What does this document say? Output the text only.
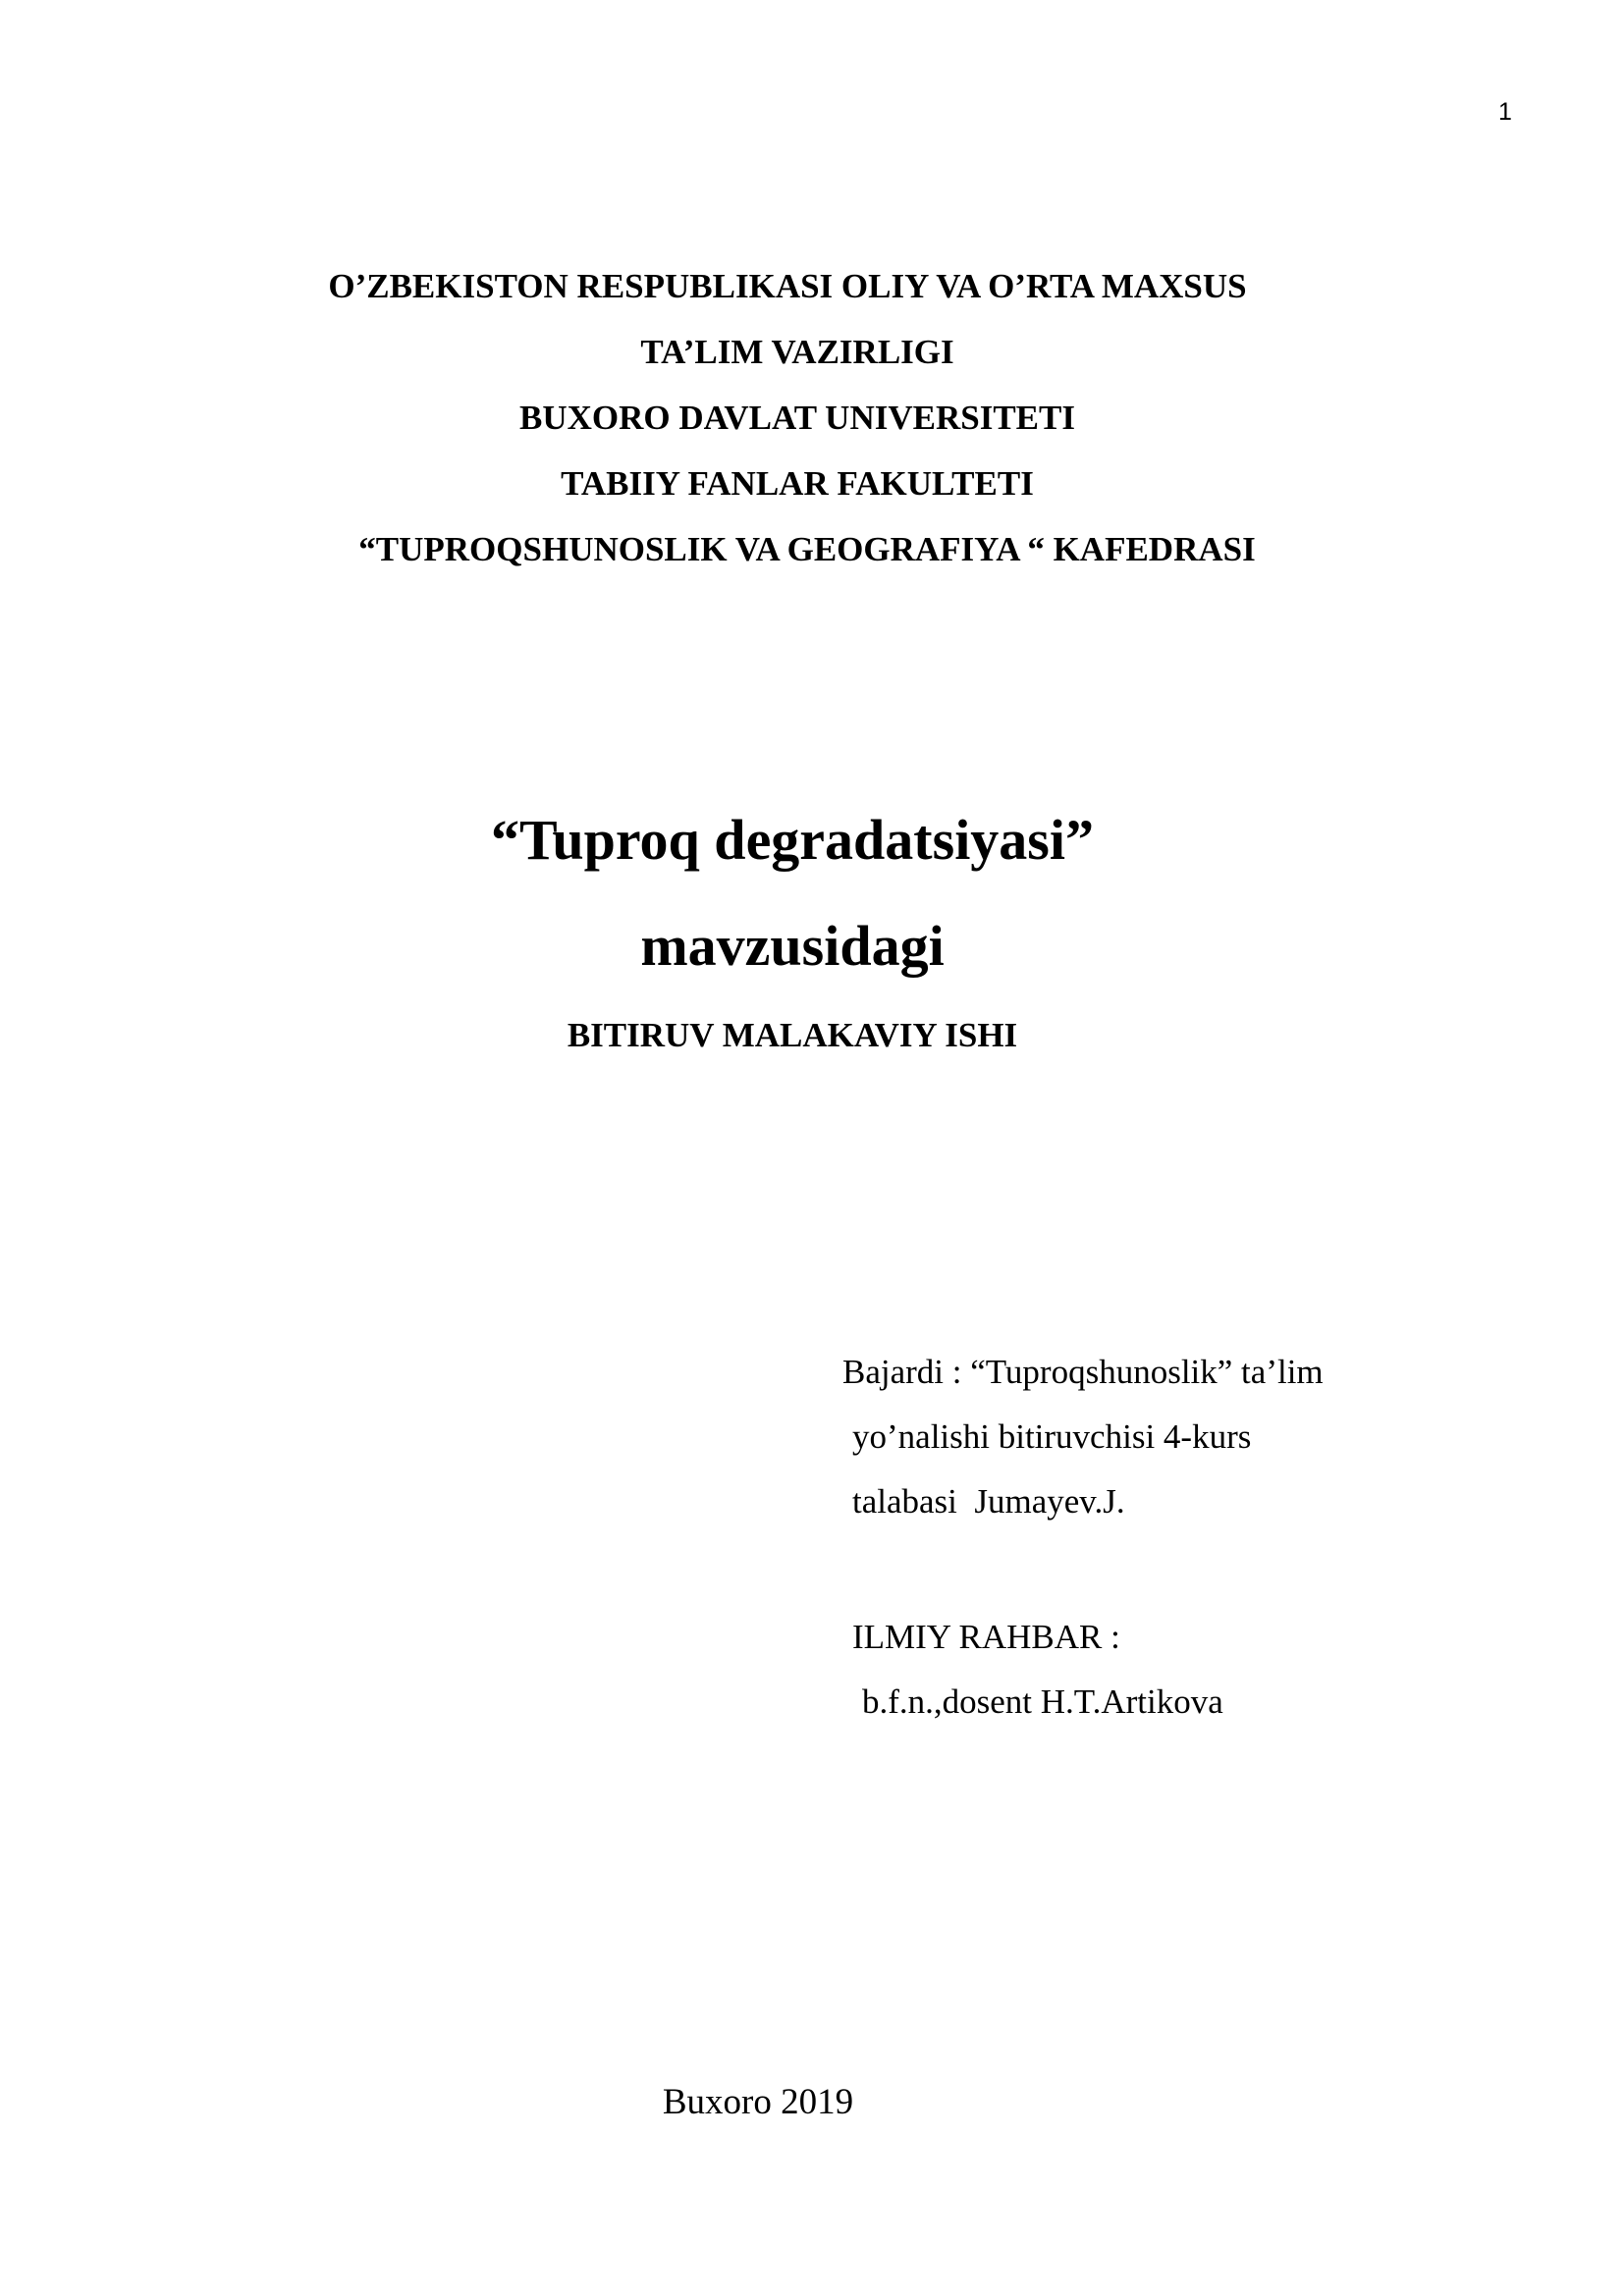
1
O’ZBEKISTON RESPUBLIKASI OLIY VA O’RTA MAXSUS
TA’LIM VAZIRLIGI
BUXORO DAVLAT UNIVERSITETI
TABIIY FANLAR FAKULTETI
“TUPROQSHUNOSLIK VA GEOGRAFIYA “ KAFEDRASI
“Tuproq degradatsiyasi”
mavzusidagi
BITIRUV MALAKAVIY ISHI
Bajardi : “Tuproqshunoslik” ta’lim
yo’nalishi bitiruvchisi 4-kurs
talabasi  Jumayev.J.
ILMIY RAHBAR :
b.f.n.,dosent H.T.Artikova
Buxoro 2019
